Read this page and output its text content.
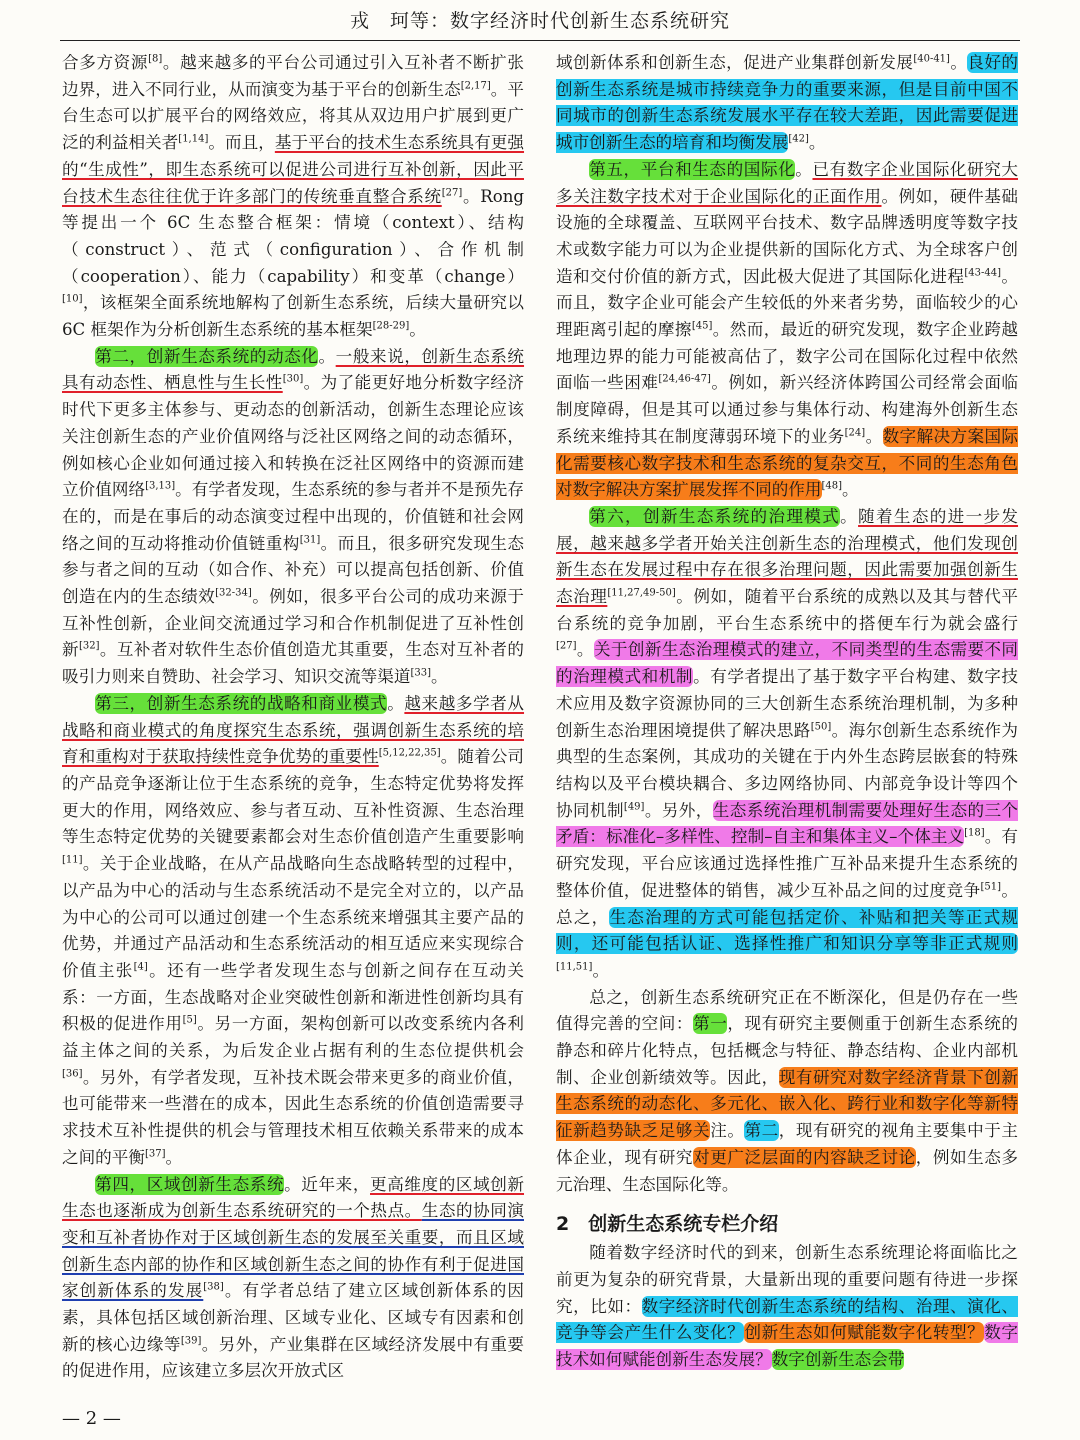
戎　珂等：数字经济时代创新生态系统研究

合多方资源[8]。越来越多的平台公司通过引入互补者不断扩张边界，进入不同行业，从而演变为基于平台的创新生态[2,17]。平台生态可以扩展平台的网络效应，将其从双边用户扩展到更广泛的利益相关者[1,14]。而且，基于平台的技术生态系统具有更强的“生成性”，即生态系统可以促进公司进行互补创新，因此平台技术生态往往优于许多部门的传统垂直整合系统[27]。Rong 等提出一个 6C 生态整合框架：情境（context）、结构（construct）、范式（configuration）、合作机制（cooperation）、能力（capability）和变革（change）[10]，该框架全面系统地解构了创新生态系统，后续大量研究以 6C 框架作为分析创新生态系统的基本框架[28-29]。

第二，创新生态系统的动态化。一般来说，创新生态系统具有动态性、栖息性与生长性[30]。为了能更好地分析数字经济时代下更多主体参与、更动态的创新活动，创新生态理论应该关注创新生态的产业价值网络与泛社区网络之间的动态循环，例如核心企业如何通过接入和转换在泛社区网络中的资源而建立价值网络[3,13]。有学者发现，生态系统的参与者并不是预先存在的，而是在事后的动态演变过程中出现的，价值链和社会网络之间的互动将推动价值链重构[31]。而且，很多研究发现生态参与者之间的互动（如合作、补充）可以提高包括创新、价值创造在内的生态绩效[32-34]。例如，很多平台公司的成功来源于互补性创新，企业间交流通过学习和合作机制促进了互补性创新[32]。互补者对软件生态价值创造尤其重要，生态对互补者的吸引力则来自赞助、社会学习、知识交流等渠道[33]。

第三，创新生态系统的战略和商业模式。越来越多学者从战略和商业模式的角度探究生态系统，强调创新生态系统的培育和重构对于获取持续性竞争优势的重要性[5,12,22,35]。随着公司的产品竞争逐渐让位于生态系统的竞争，生态特定优势将发挥更大的作用，网络效应、参与者互动、互补性资源、生态治理等生态特定优势的关键要素都会对生态价值创造产生重要影响[11]。关于企业战略，在从产品战略向生态战略转型的过程中，以产品为中心的活动与生态系统活动不是完全对立的，以产品为中心的公司可以通过创建一个生态系统来增强其主要产品的优势，并通过产品活动和生态系统活动的相互适应来实现综合价值主张[4]。还有一些学者发现生态与创新之间存在互动关系：一方面，生态战略对企业突破性创新和渐进性创新均具有积极的促进作用[5]。另一方面，架构创新可以改变系统内各利益主体之间的关系，为后发企业占据有利的生态位提供机会[36]。另外，有学者发现，互补技术既会带来更多的商业价值，也可能带来一些潜在的成本，因此生态系统的价值创造需要寻求技术互补性提供的机会与管理技术相互依赖关系带来的成本之间的平衡[37]。

第四，区域创新生态系统。近年来，更高维度的区域创新生态也逐渐成为创新生态系统研究的一个热点。生态的协同演变和互补者协作对于区域创新生态的发展至关重要，而且区域创新生态内部的协作和区域创新生态之间的协作有利于促进国家创新体系的发展[38]。有学者总结了建立区域创新体系的因素，具体包括区域创新治理、区域专业化、区域专有因素和创新的核心边缘等[39]。另外，产业集群在区域经济发展中有重要的促进作用，应该建立多层次开放式区

域创新体系和创新生态，促进产业集群创新发展[40-41]。良好的创新生态系统是城市持续竞争力的重要来源，但是目前中国不同城市的创新生态系统发展水平存在较大差距，因此需要促进城市创新生态的培育和均衡发展[42]。

第五，平台和生态的国际化。已有数字企业国际化研究大多关注数字技术对于企业国际化的正面作用。例如，硬件基础设施的全球覆盖、互联网平台技术、数字品牌透明度等数字技术或数字能力可以为企业提供新的国际化方式、为全球客户创造和交付价值的新方式，因此极大促进了其国际化进程[43-44]。而且，数字企业可能会产生较低的外来者劣势，面临较少的心理距离引起的摩擦[45]。然而，最近的研究发现，数字企业跨越地理边界的能力可能被高估了，数字公司在国际化过程中依然面临一些困难[24,46-47]。例如，新兴经济体跨国公司经常会面临制度障碍，但是其可以通过参与集体行动、构建海外创新生态系统来维持其在制度薄弱环境下的业务[24]。数字解决方案国际化需要核心数字技术和生态系统的复杂交互，不同的生态角色对数字解决方案扩展发挥不同的作用[48]。

第六，创新生态系统的治理模式。随着生态的进一步发展，越来越多学者开始关注创新生态的治理模式，他们发现创新生态在发展过程中存在很多治理问题，因此需要加强创新生态治理[11,27,49-50]。例如，随着平台系统的成熟以及其与替代平台系统的竞争加剧，平台生态系统中的搭便车行为就会盛行[27]。关于创新生态治理模式的建立，不同类型的生态需要不同的治理模式和机制。有学者提出了基于数字平台构建、数字技术应用及数字资源协同的三大创新生态系统治理机制，为多种创新生态治理困境提供了解决思路[50]。海尔创新生态系统作为典型的生态案例，其成功的关键在于内外生态跨层嵌套的特殊结构以及平台模块耦合、多边网络协同、内部竞争设计等四个协同机制[49]。另外，生态系统治理机制需要处理好生态的三个矛盾：标准化–多样性、控制–自主和集体主义–个体主义[18]。有研究发现，平台应该通过选择性推广互补品来提升生态系统的整体价值，促进整体的销售，减少互补品之间的过度竞争[51]。总之，生态治理的方式可能包括定价、补贴和把关等正式规则，还可能包括认证、选择性推广和知识分享等非正式规则[11,51]。

总之，创新生态系统研究正在不断深化，但是仍存在一些值得完善的空间：第一，现有研究主要侧重于创新生态系统的静态和碎片化特点，包括概念与特征、静态结构、企业内部机制、企业创新绩效等。因此，现有研究对数字经济背景下创新生态系统的动态化、多元化、嵌入化、跨行业和数字化等新特征新趋势缺乏足够关注。第二，现有研究的视角主要集中于主体企业，现有研究对更广泛层面的内容缺乏讨论，例如生态多元治理、生态国际化等。

2　创新生态系统专栏介绍

随着数字经济时代的到来，创新生态系统理论将面临比之前更为复杂的研究背景，大量新出现的重要问题有待进一步探究，比如：数字经济时代创新生态系统的结构、治理、演化、竞争等会产生什么变化？创新生态如何赋能数字化转型？数字技术如何赋能创新生态发展？数字创新生态会带

— 2 —
